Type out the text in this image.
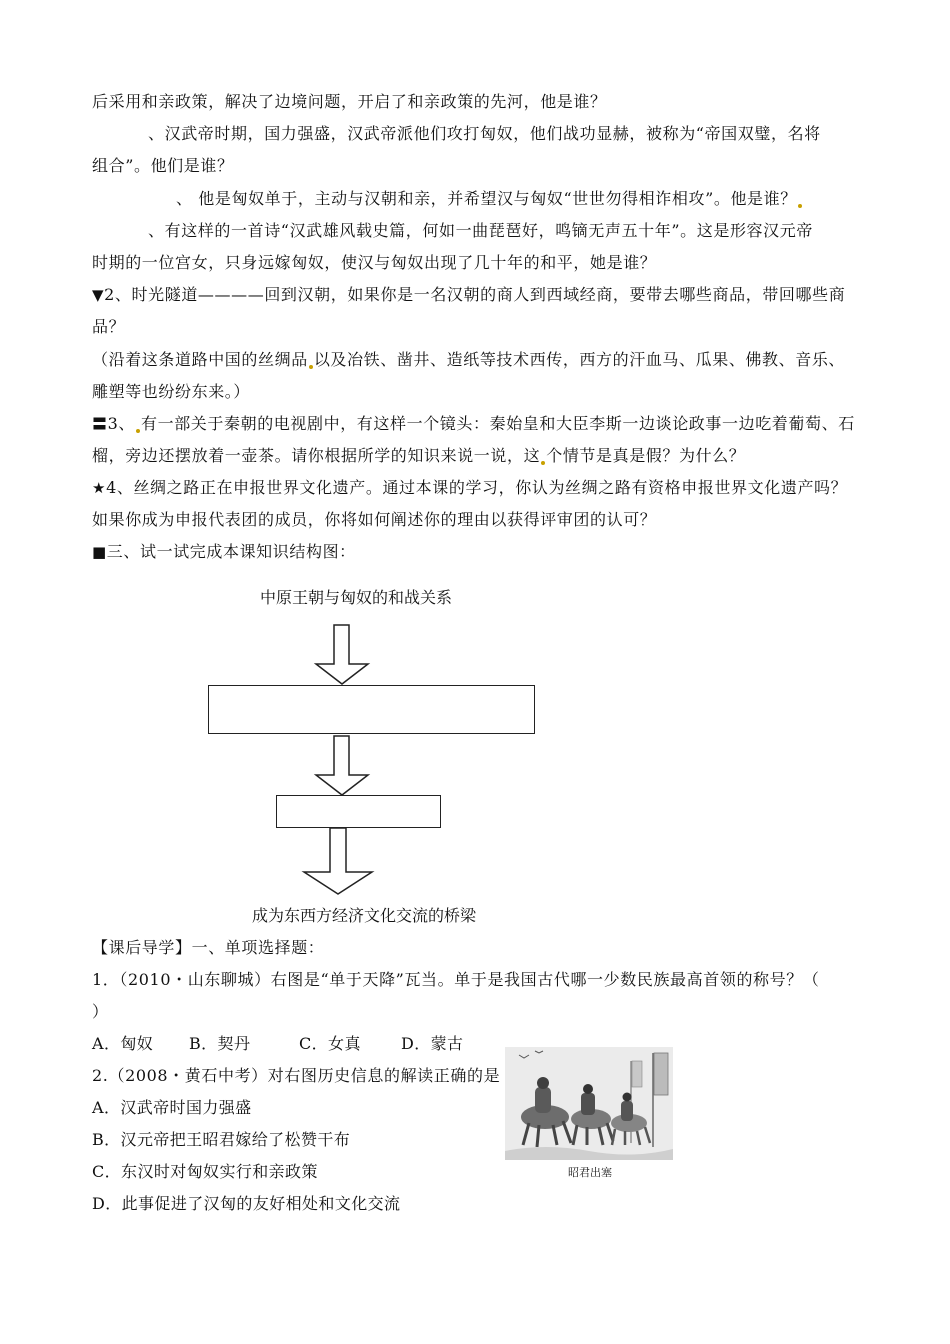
后采用和亲政策，解决了边境问题，开启了和亲政策的先河，他是谁？
、汉武帝时期，国力强盛，汉武帝派他们攻打匈奴，他们战功显赫，被称为“帝国双璧，名将
组合”。他们是谁？
、 他是匈奴单于，主动与汉朝和亲，并希望汉与匈奴“世世勿得相诈相攻”。他是谁？
、有这样的一首诗“汉武雄风载史篇，何如一曲琵琶好，鸣镝无声五十年”。这是形容汉元帝
时期的一位宫女，只身远嫁匈奴，使汉与匈奴出现了几十年的和平，她是谁？
▼2、时光隧道————回到汉朝，如果你是一名汉朝的商人到西域经商，要带去哪些商品，带回哪些商
品？
（沿着这条道路中国的丝绸品 以及冶铁、凿井、造纸等技术西传，西方的汗血马、瓜果、佛教、音乐、
雕塑等也纷纷东来。）
〓3、 有一部关于秦朝的电视剧中，有这样一个镜头：秦始皇和大臣李斯一边谈论政事一边吃着葡萄、石
榴，旁边还摆放着一壶茶。请你根据所学的知识来说一说，这 个情节是真是假？为什么？
★4、丝绸之路正在申报世界文化遗产。通过本课的学习，你认为丝绸之路有资格申报世界文化遗产吗？
如果你成为申报代表团的成员，你将如何阐述你的理由以获得评审团的认可？
■三、试一试完成本课知识结构图：
中原王朝与匈奴的和战关系
成为东西方经济文化交流的桥梁
【课后导学】一、单项选择题：
1．（2010・山东聊城）右图是“单于天降”瓦当。单于是我国古代哪一少数民族最高首领的称号？（
）
A．匈奴 B．契丹	C．女真	D．蒙古
2.（2008・黄石中考）对右图历史信息的解读正确的是
A．汉武帝时国力强盛
B．汉元帝把王昭君嫁给了松赞干布
C．东汉时对匈奴实行和亲政策
D．此事促进了汉匈的友好相处和文化交流
昭君出塞
